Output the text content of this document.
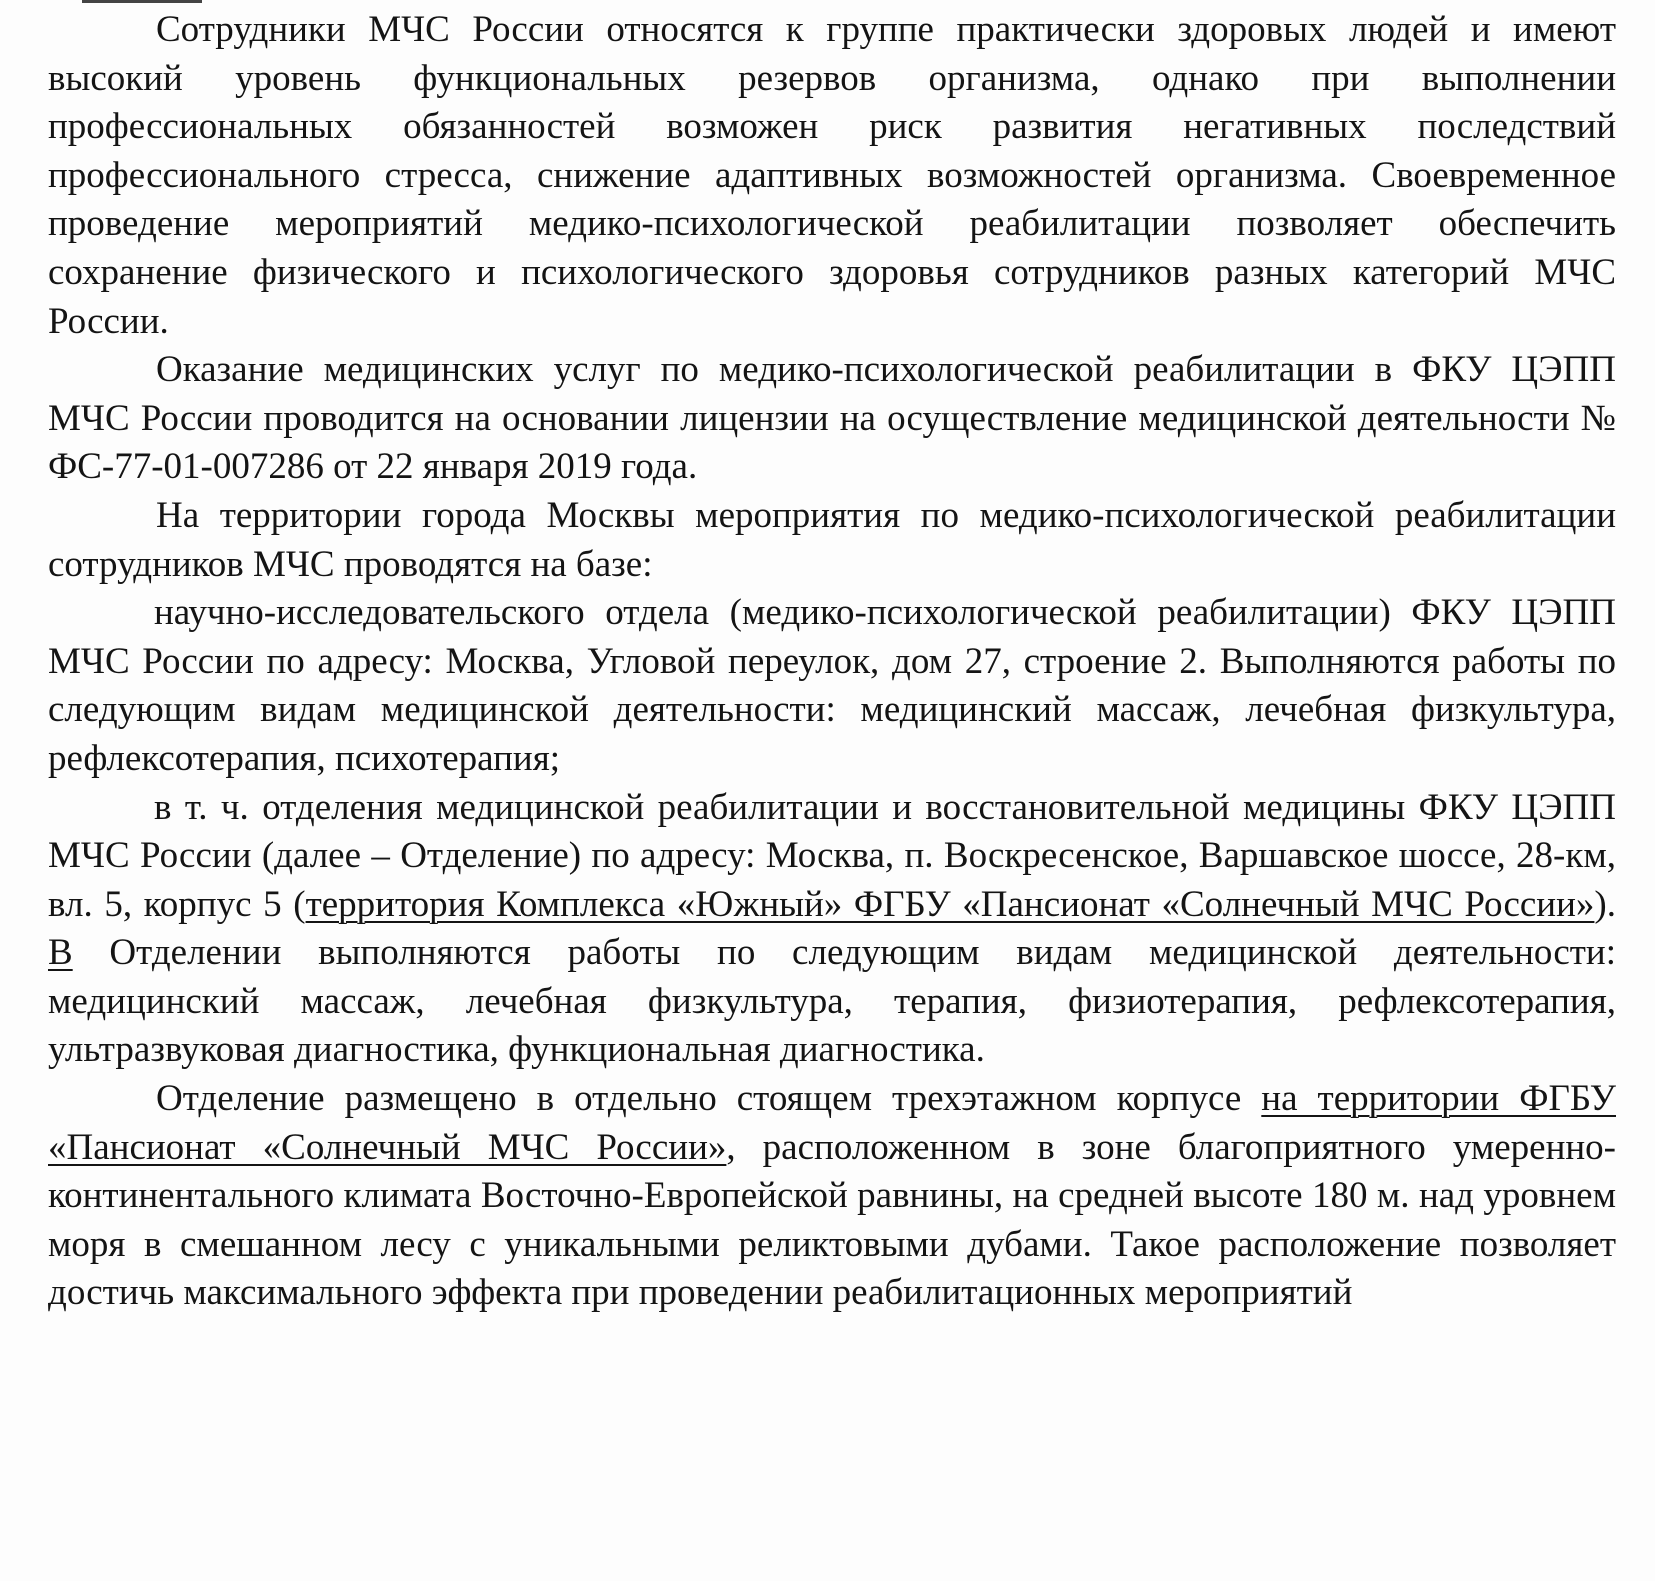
Сотрудники МЧС России относятся к группе практически здоровых людей и имеют высокий уровень функциональных резервов организма, однако при выполнении профессиональных обязанностей возможен риск развития негативных последствий профессионального стресса, снижение адаптивных возможностей организма. Своевременное проведение мероприятий медико-психологической реабилитации позволяет обеспечить сохранение физического и психологического здоровья сотрудников разных категорий МЧС России.

Оказание медицинских услуг по медико-психологической реабилитации в ФКУ ЦЭПП МЧС России проводится на основании лицензии на осуществление медицинской деятельности № ФС-77-01-007286 от 22 января 2019 года.

На территории города Москвы мероприятия по медико-психологической реабилитации сотрудников МЧС проводятся на базе:

научно-исследовательского отдела (медико-психологической реабилитации) ФКУ ЦЭПП МЧС России по адресу: Москва, Угловой переулок, дом 27, строение 2. Выполняются работы по следующим видам медицинской деятельности: медицинский массаж, лечебная физкультура, рефлексотерапия, психотерапия;

в т. ч. отделения медицинской реабилитации и восстановительной медицины ФКУ ЦЭПП МЧС России (далее – Отделение) по адресу: Москва, п. Воскресенское, Варшавское шоссе, 28-км, вл. 5, корпус 5 (территория Комплекса «Южный» ФГБУ «Пансионат «Солнечный МЧС России»). В Отделении выполняются работы по следующим видам медицинской деятельности: медицинский массаж, лечебная физкультура, терапия, физиотерапия, рефлексотерапия, ультразвуковая диагностика, функциональная диагностика.

Отделение размещено в отдельно стоящем трехэтажном корпусе на территории ФГБУ «Пансионат «Солнечный МЧС России», расположенном в зоне благоприятного умеренно-континентального климата Восточно-Европейской равнины, на средней высоте 180 м. над уровнем моря в смешанном лесу с уникальными реликтовыми дубами. Такое расположение позволяет достичь максимального эффекта при проведении реабилитационных мероприятий
